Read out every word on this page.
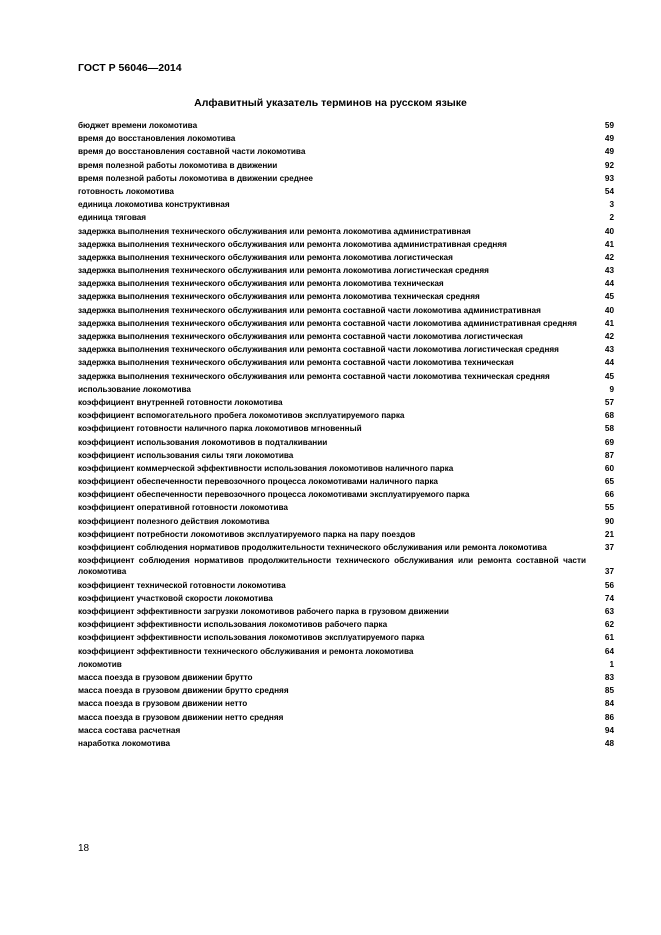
ГОСТ Р 56046—2014
Алфавитный указатель терминов на русском языке
бюджет времени локомотива	59
время до восстановления локомотива	49
время до восстановления составной части локомотива	49
время полезной работы локомотива в движении	92
время полезной работы локомотива в движении среднее	93
готовность локомотива	54
единица локомотива конструктивная	3
единица тяговая	2
задержка выполнения технического обслуживания или ремонта локомотива административная	40
задержка выполнения технического обслуживания или ремонта локомотива административная средняя	41
задержка выполнения технического обслуживания или ремонта локомотива логистическая	42
задержка выполнения технического обслуживания или ремонта локомотива логистическая средняя	43
задержка выполнения технического обслуживания или ремонта локомотива техническая	44
задержка выполнения технического обслуживания или ремонта локомотива техническая средняя	45
задержка выполнения технического обслуживания или ремонта составной части локомотива административная	40
задержка выполнения технического обслуживания или ремонта составной части локомотива административная средняя	41
задержка выполнения технического обслуживания или ремонта составной части локомотива логистическая	42
задержка выполнения технического обслуживания или ремонта составной части локомотива логистическая средняя	43
задержка выполнения технического обслуживания или ремонта составной части локомотива техническая	44
задержка выполнения технического обслуживания или ремонта составной части локомотива техническая средняя	45
использование локомотива	9
коэффициент внутренней готовности локомотива	57
коэффициент вспомогательного пробега локомотивов эксплуатируемого парка	68
коэффициент готовности наличного парка локомотивов мгновенный	58
коэффициент использования локомотивов в подталкивании	69
коэффициент использования силы тяги локомотива	87
коэффициент коммерческой эффективности использования локомотивов наличного парка	60
коэффициент обеспеченности перевозочного процесса локомотивами наличного парка	65
коэффициент обеспеченности перевозочного процесса локомотивами эксплуатируемого парка	66
коэффициент оперативной готовности локомотива	55
коэффициент полезного действия локомотива	90
коэффициент потребности локомотивов эксплуатируемого парка на пару поездов	21
коэффициент соблюдения нормативов продолжительности технического обслуживания или ремонта локомотива	37
коэффициент соблюдения нормативов продолжительности технического обслуживания или ремонта составной части локомотива	37
коэффициент технической готовности локомотива	56
коэффициент участковой скорости локомотива	74
коэффициент эффективности загрузки локомотивов рабочего парка в грузовом движении	63
коэффициент эффективности использования локомотивов рабочего парка	62
коэффициент эффективности использования локомотивов эксплуатируемого парка	61
коэффициент эффективности технического обслуживания и ремонта локомотива	64
локомотив	1
масса поезда в грузовом движении брутто	83
масса поезда в грузовом движении брутто средняя	85
масса поезда в грузовом движении нетто	84
масса поезда в грузовом движении нетто средняя	86
масса состава расчетная	94
наработка локомотива	48
18
